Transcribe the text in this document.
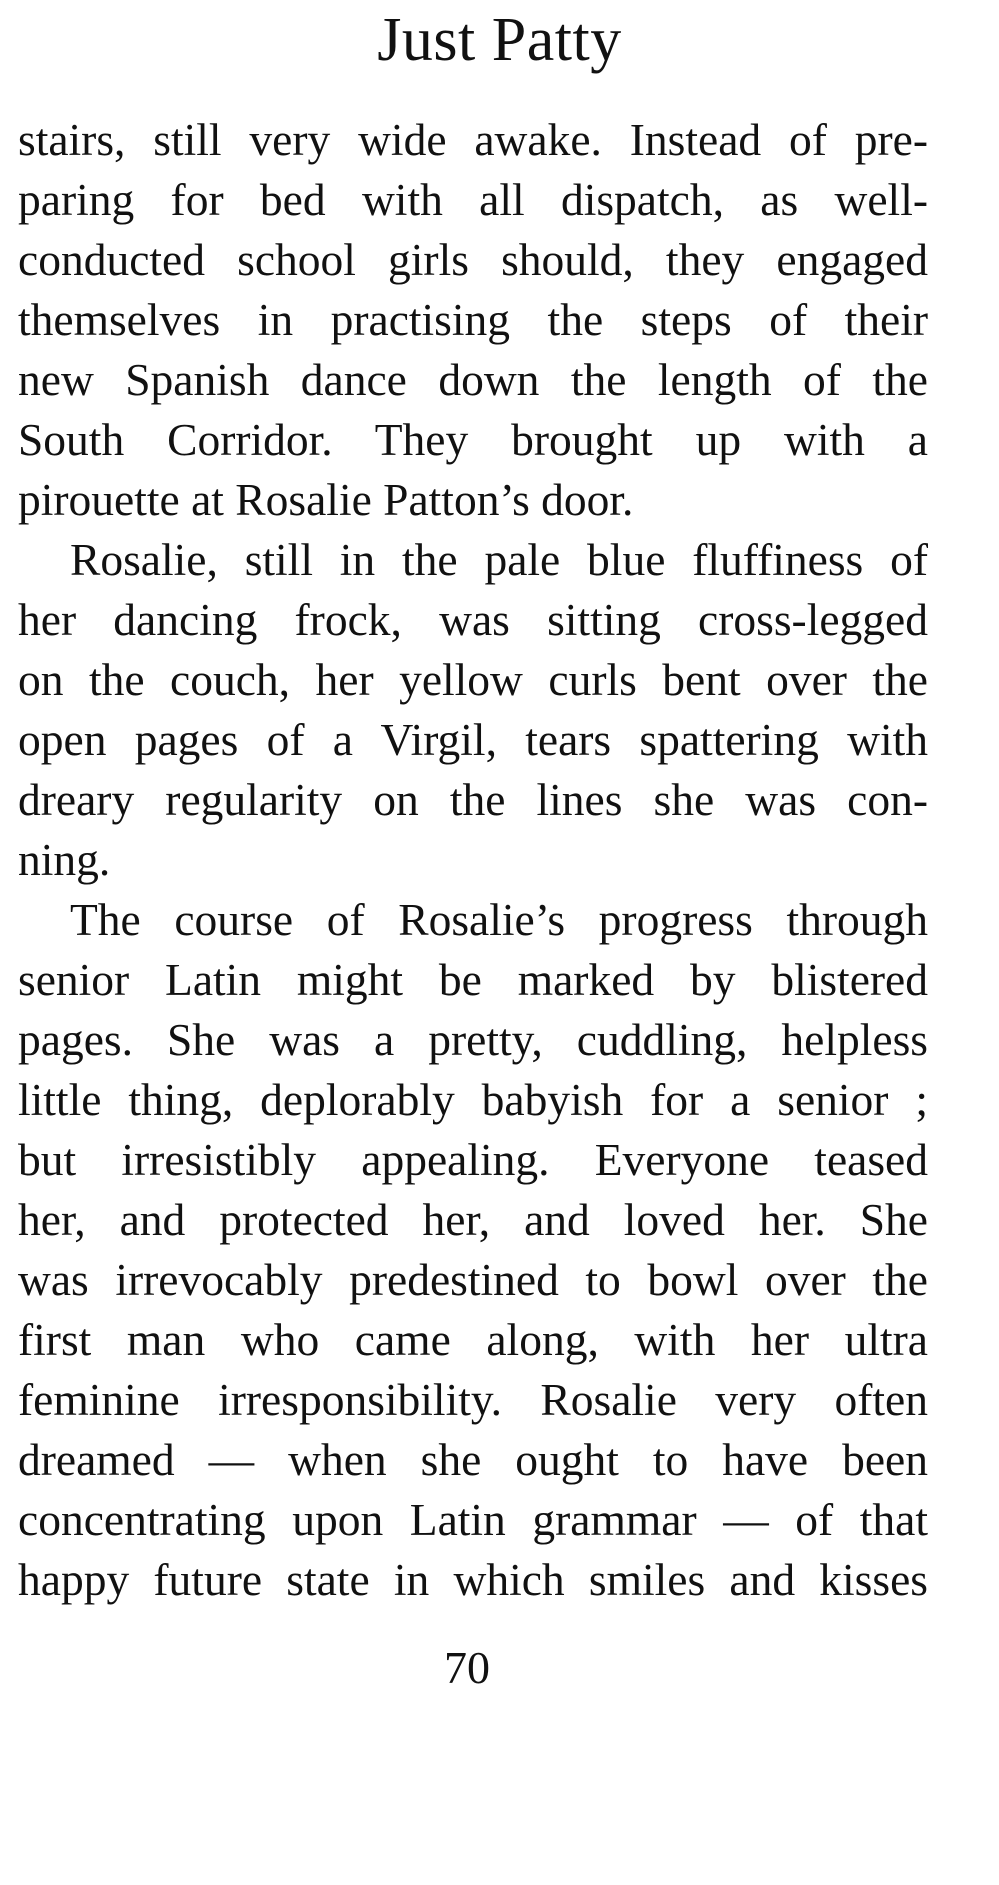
Just Patty
stairs, still very wide awake. Instead of pre-
paring for bed with all dispatch, as well-
conducted school girls should, they engaged
themselves in practising the steps of their
new Spanish dance down the length of the
South Corridor. They brought up with a
pirouette at Rosalie Patton’s door.
Rosalie, still in the pale blue fluffiness of
her dancing frock, was sitting cross-legged
on the couch, her yellow curls bent over the
open pages of a Virgil, tears spattering with
dreary regularity on the lines she was con-
ning.
The course of Rosalie’s progress through
senior Latin might be marked by blistered
pages. She was a pretty, cuddling, helpless
little thing, deplorably babyish for a senior ;
but irresistibly appealing. Everyone teased
her, and protected her, and loved her. She
was irrevocably predestined to bowl over the
first man who came along, with her ultra
feminine irresponsibility. Rosalie very often
dreamed — when she ought to have been
concentrating upon Latin grammar — of that
happy future state in which smiles and kisses
70
